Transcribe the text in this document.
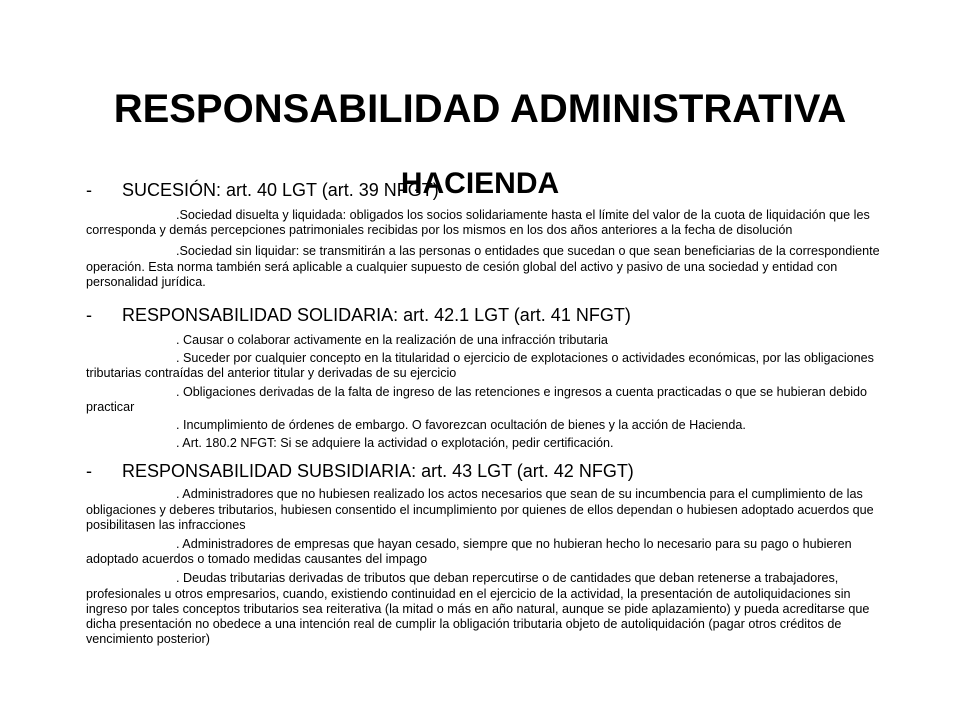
RESPONSABILIDAD ADMINISTRATIVA
HACIENDA

- SUCESIÓN: art. 40 LGT (art. 39 NFGT)

.Sociedad disuelta y liquidada: obligados los socios solidariamente hasta el límite del valor de la cuota de liquidación que les corresponda y demás percepciones patrimoniales recibidas por los mismos en los dos años anteriores a la fecha de disolución

.Sociedad sin liquidar: se transmitirán a las personas o entidades que sucedan o que sean beneficiarias de la correspondiente operación. Esta norma también será aplicable a cualquier supuesto de cesión global del activo y pasivo de una sociedad y entidad con personalidad jurídica.

- RESPONSABILIDAD SOLIDARIA: art. 42.1 LGT (art. 41 NFGT)

. Causar o colaborar activamente en la realización de una infracción tributaria

. Suceder por cualquier concepto en la titularidad o ejercicio de explotaciones o actividades económicas, por las obligaciones tributarias contraídas del anterior titular y derivadas de su ejercicio

. Obligaciones derivadas de la falta de ingreso de las retenciones e ingresos a cuenta practicadas o que se hubieran debido practicar

. Incumplimiento de órdenes de embargo. O favorezcan ocultación de bienes y la acción de Hacienda.

. Art. 180.2 NFGT: Si se adquiere la actividad o explotación, pedir certificación.

- RESPONSABILIDAD SUBSIDIARIA: art. 43 LGT (art. 42 NFGT)

. Administradores que no hubiesen realizado los actos necesarios que sean de su incumbencia para el cumplimiento de las obligaciones y deberes tributarios, hubiesen consentido el incumplimiento por quienes de ellos dependan o hubiesen adoptado acuerdos que posibilitasen las infracciones

. Administradores de empresas que hayan cesado, siempre que no hubieran hecho lo necesario para su pago o hubieren adoptado acuerdos o tomado medidas causantes del impago

. Deudas tributarias derivadas de tributos que deban repercutirse o de cantidades que deban retenerse a trabajadores, profesionales u otros empresarios, cuando, existiendo continuidad en el ejercicio de la actividad, la presentación de autoliquidaciones sin ingreso por tales conceptos tributarios sea reiterativa (la mitad o más en año natural, aunque se pide aplazamiento) y pueda acreditarse que dicha presentación no obedece a una intención real de cumplir la obligación tributaria objeto de autoliquidación (pagar otros créditos de vencimiento posterior)
